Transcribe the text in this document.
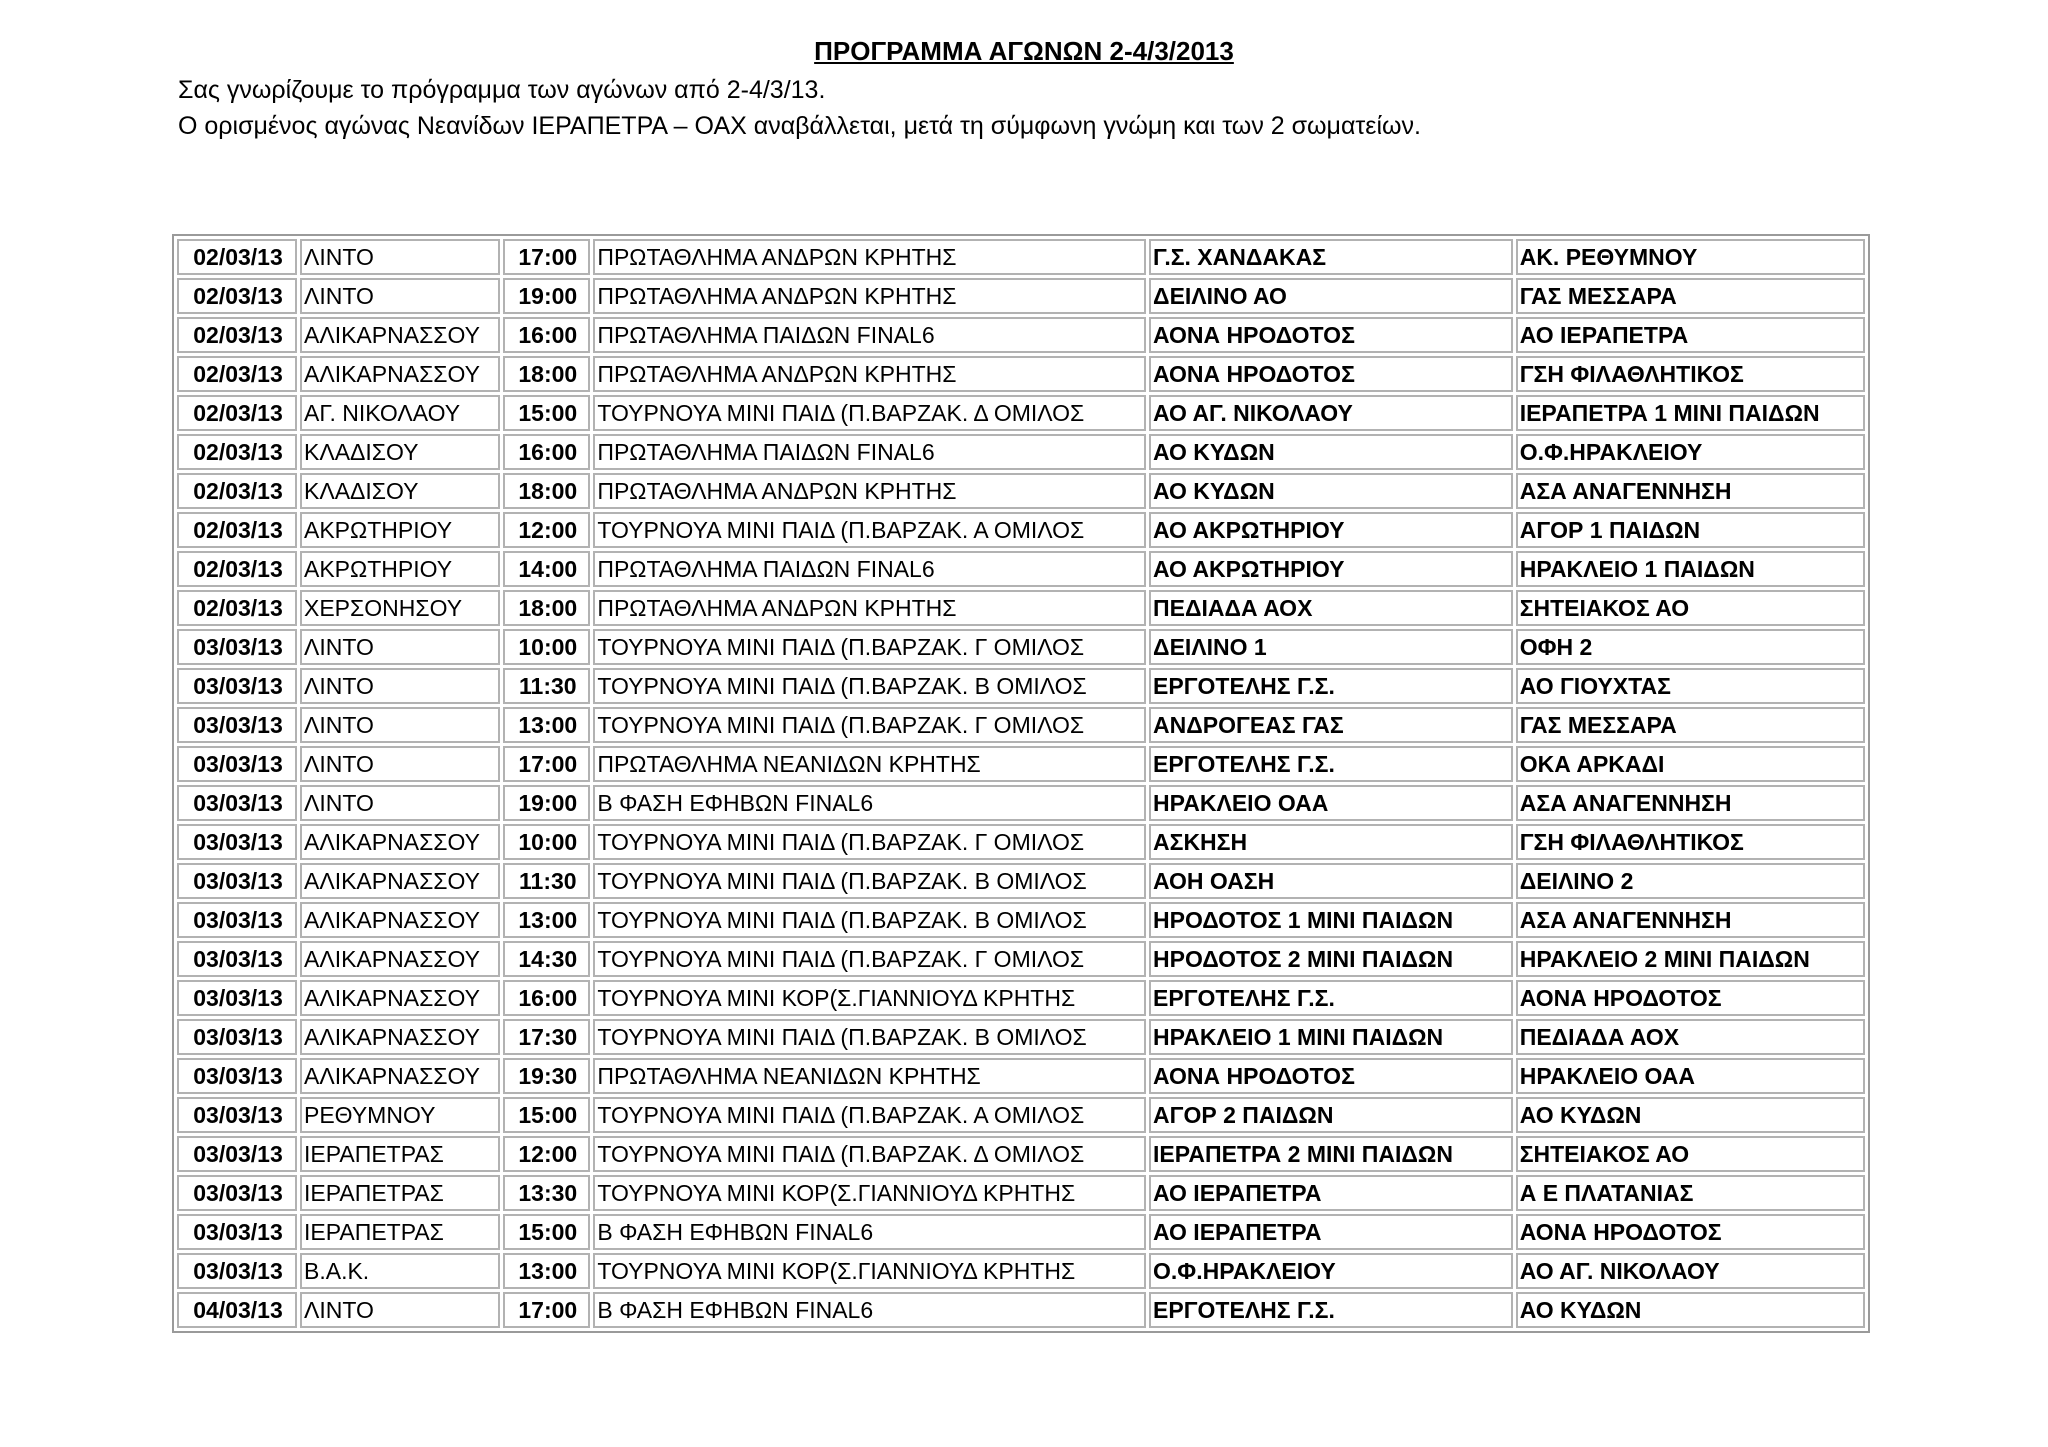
ΠΡΟΓΡΑΜΜΑ ΑΓΩΝΩΝ 2-4/3/2013
Σας γνωρίζουμε το πρόγραμμα των αγώνων από 2-4/3/13.
Ο ορισμένος αγώνας Νεανίδων ΙΕΡΑΠΕΤΡΑ – ΟΑΧ αναβάλλεται, μετά τη σύμφωνη γνώμη και των 2 σωματείων.
02/03/13	ΛΙΝΤΟ	17:00	ΠΡΩΤΑΘΛΗΜΑ ΑΝΔΡΩΝ ΚΡΗΤΗΣ	Γ.Σ. ΧΑΝΔΑΚΑΣ	ΑΚ. ΡΕΘΥΜΝΟΥ
02/03/13	ΛΙΝΤΟ	19:00	ΠΡΩΤΑΘΛΗΜΑ ΑΝΔΡΩΝ ΚΡΗΤΗΣ	ΔΕΙΛΙΝΟ ΑΟ	ΓΑΣ ΜΕΣΣΑΡΑ
02/03/13	ΑΛΙΚΑΡΝΑΣΣΟΥ	16:00	ΠΡΩΤΑΘΛΗΜΑ ΠΑΙΔΩΝ FINAL6	ΑΟΝΑ ΗΡΟΔΟΤΟΣ	ΑΟ ΙΕΡΑΠΕΤΡΑ
02/03/13	ΑΛΙΚΑΡΝΑΣΣΟΥ	18:00	ΠΡΩΤΑΘΛΗΜΑ ΑΝΔΡΩΝ ΚΡΗΤΗΣ	ΑΟΝΑ ΗΡΟΔΟΤΟΣ	ΓΣΗ ΦΙΛΑΘΛΗΤΙΚΟΣ
02/03/13	ΑΓ. ΝΙΚΟΛΑΟΥ	15:00	ΤΟΥΡΝΟΥΑ ΜΙΝΙ ΠΑΙΔ (Π.ΒΑΡΖΑΚ. Δ ΟΜΙΛΟΣ	ΑΟ ΑΓ. ΝΙΚΟΛΑΟΥ	ΙΕΡΑΠΕΤΡΑ 1 ΜΙΝΙ ΠΑΙΔΩΝ
02/03/13	ΚΛΑΔΙΣΟΥ	16:00	ΠΡΩΤΑΘΛΗΜΑ ΠΑΙΔΩΝ FINAL6	ΑΟ ΚΥΔΩΝ	Ο.Φ.ΗΡΑΚΛΕΙΟΥ
02/03/13	ΚΛΑΔΙΣΟΥ	18:00	ΠΡΩΤΑΘΛΗΜΑ ΑΝΔΡΩΝ ΚΡΗΤΗΣ	ΑΟ ΚΥΔΩΝ	ΑΣΑ ΑΝΑΓΕΝΝΗΣΗ
02/03/13	ΑΚΡΩΤΗΡΙΟΥ	12:00	ΤΟΥΡΝΟΥΑ ΜΙΝΙ ΠΑΙΔ (Π.ΒΑΡΖΑΚ. Α ΟΜΙΛΟΣ	ΑΟ ΑΚΡΩΤΗΡΙΟΥ	ΑΓΟΡ 1 ΠΑΙΔΩΝ
02/03/13	ΑΚΡΩΤΗΡΙΟΥ	14:00	ΠΡΩΤΑΘΛΗΜΑ ΠΑΙΔΩΝ FINAL6	ΑΟ ΑΚΡΩΤΗΡΙΟΥ	ΗΡΑΚΛΕΙΟ 1 ΠΑΙΔΩΝ
02/03/13	ΧΕΡΣΟΝΗΣΟΥ	18:00	ΠΡΩΤΑΘΛΗΜΑ ΑΝΔΡΩΝ ΚΡΗΤΗΣ	ΠΕΔΙΑΔΑ ΑΟΧ	ΣΗΤΕΙΑΚΟΣ ΑΟ
03/03/13	ΛΙΝΤΟ	10:00	ΤΟΥΡΝΟΥΑ ΜΙΝΙ ΠΑΙΔ (Π.ΒΑΡΖΑΚ. Γ ΟΜΙΛΟΣ	ΔΕΙΛΙΝΟ 1	ΟΦΗ 2
03/03/13	ΛΙΝΤΟ	11:30	ΤΟΥΡΝΟΥΑ ΜΙΝΙ ΠΑΙΔ (Π.ΒΑΡΖΑΚ. Β ΟΜΙΛΟΣ	ΕΡΓΟΤΕΛΗΣ Γ.Σ.	ΑΟ ΓΙΟΥΧΤΑΣ
03/03/13	ΛΙΝΤΟ	13:00	ΤΟΥΡΝΟΥΑ ΜΙΝΙ ΠΑΙΔ (Π.ΒΑΡΖΑΚ. Γ ΟΜΙΛΟΣ	ΑΝΔΡΟΓΕΑΣ ΓΑΣ	ΓΑΣ ΜΕΣΣΑΡΑ
03/03/13	ΛΙΝΤΟ	17:00	ΠΡΩΤΑΘΛΗΜΑ ΝΕΑΝΙΔΩΝ ΚΡΗΤΗΣ	ΕΡΓΟΤΕΛΗΣ Γ.Σ.	ΟΚΑ ΑΡΚΑΔΙ
03/03/13	ΛΙΝΤΟ	19:00	Β ΦΑΣΗ ΕΦΗΒΩΝ FINAL6	ΗΡΑΚΛΕΙΟ ΟΑΑ	ΑΣΑ ΑΝΑΓΕΝΝΗΣΗ
03/03/13	ΑΛΙΚΑΡΝΑΣΣΟΥ	10:00	ΤΟΥΡΝΟΥΑ ΜΙΝΙ ΠΑΙΔ (Π.ΒΑΡΖΑΚ. Γ ΟΜΙΛΟΣ	ΑΣΚΗΣΗ	ΓΣΗ ΦΙΛΑΘΛΗΤΙΚΟΣ
03/03/13	ΑΛΙΚΑΡΝΑΣΣΟΥ	11:30	ΤΟΥΡΝΟΥΑ ΜΙΝΙ ΠΑΙΔ (Π.ΒΑΡΖΑΚ. Β ΟΜΙΛΟΣ	ΑΟΗ ΟΑΣΗ	ΔΕΙΛΙΝΟ 2
03/03/13	ΑΛΙΚΑΡΝΑΣΣΟΥ	13:00	ΤΟΥΡΝΟΥΑ ΜΙΝΙ ΠΑΙΔ (Π.ΒΑΡΖΑΚ. Β ΟΜΙΛΟΣ	ΗΡΟΔΟΤΟΣ 1 ΜΙΝΙ ΠΑΙΔΩΝ	ΑΣΑ ΑΝΑΓΕΝΝΗΣΗ
03/03/13	ΑΛΙΚΑΡΝΑΣΣΟΥ	14:30	ΤΟΥΡΝΟΥΑ ΜΙΝΙ ΠΑΙΔ (Π.ΒΑΡΖΑΚ. Γ ΟΜΙΛΟΣ	ΗΡΟΔΟΤΟΣ 2 ΜΙΝΙ ΠΑΙΔΩΝ	ΗΡΑΚΛΕΙΟ 2 ΜΙΝΙ ΠΑΙΔΩΝ
03/03/13	ΑΛΙΚΑΡΝΑΣΣΟΥ	16:00	ΤΟΥΡΝΟΥΑ ΜΙΝΙ ΚΟΡ(Σ.ΓΙΑΝΝΙΟΥΔ ΚΡΗΤΗΣ	ΕΡΓΟΤΕΛΗΣ Γ.Σ.	ΑΟΝΑ ΗΡΟΔΟΤΟΣ
03/03/13	ΑΛΙΚΑΡΝΑΣΣΟΥ	17:30	ΤΟΥΡΝΟΥΑ ΜΙΝΙ ΠΑΙΔ (Π.ΒΑΡΖΑΚ. Β ΟΜΙΛΟΣ	ΗΡΑΚΛΕΙΟ 1 ΜΙΝΙ ΠΑΙΔΩΝ	ΠΕΔΙΑΔΑ ΑΟΧ
03/03/13	ΑΛΙΚΑΡΝΑΣΣΟΥ	19:30	ΠΡΩΤΑΘΛΗΜΑ ΝΕΑΝΙΔΩΝ ΚΡΗΤΗΣ	ΑΟΝΑ ΗΡΟΔΟΤΟΣ	ΗΡΑΚΛΕΙΟ ΟΑΑ
03/03/13	ΡΕΘΥΜΝΟΥ	15:00	ΤΟΥΡΝΟΥΑ ΜΙΝΙ ΠΑΙΔ (Π.ΒΑΡΖΑΚ. Α ΟΜΙΛΟΣ	ΑΓΟΡ 2 ΠΑΙΔΩΝ	ΑΟ ΚΥΔΩΝ
03/03/13	ΙΕΡΑΠΕΤΡΑΣ	12:00	ΤΟΥΡΝΟΥΑ ΜΙΝΙ ΠΑΙΔ (Π.ΒΑΡΖΑΚ. Δ ΟΜΙΛΟΣ	ΙΕΡΑΠΕΤΡΑ 2 ΜΙΝΙ ΠΑΙΔΩΝ	ΣΗΤΕΙΑΚΟΣ ΑΟ
03/03/13	ΙΕΡΑΠΕΤΡΑΣ	13:30	ΤΟΥΡΝΟΥΑ ΜΙΝΙ ΚΟΡ(Σ.ΓΙΑΝΝΙΟΥΔ ΚΡΗΤΗΣ	ΑΟ ΙΕΡΑΠΕΤΡΑ	Α Ε ΠΛΑΤΑΝΙΑΣ
03/03/13	ΙΕΡΑΠΕΤΡΑΣ	15:00	Β ΦΑΣΗ ΕΦΗΒΩΝ FINAL6	ΑΟ ΙΕΡΑΠΕΤΡΑ	ΑΟΝΑ ΗΡΟΔΟΤΟΣ
03/03/13	Β.Α.Κ.	13:00	ΤΟΥΡΝΟΥΑ ΜΙΝΙ ΚΟΡ(Σ.ΓΙΑΝΝΙΟΥΔ ΚΡΗΤΗΣ	Ο.Φ.ΗΡΑΚΛΕΙΟΥ	ΑΟ ΑΓ. ΝΙΚΟΛΑΟΥ
04/03/13	ΛΙΝΤΟ	17:00	Β ΦΑΣΗ ΕΦΗΒΩΝ FINAL6	ΕΡΓΟΤΕΛΗΣ Γ.Σ.	ΑΟ ΚΥΔΩΝ
